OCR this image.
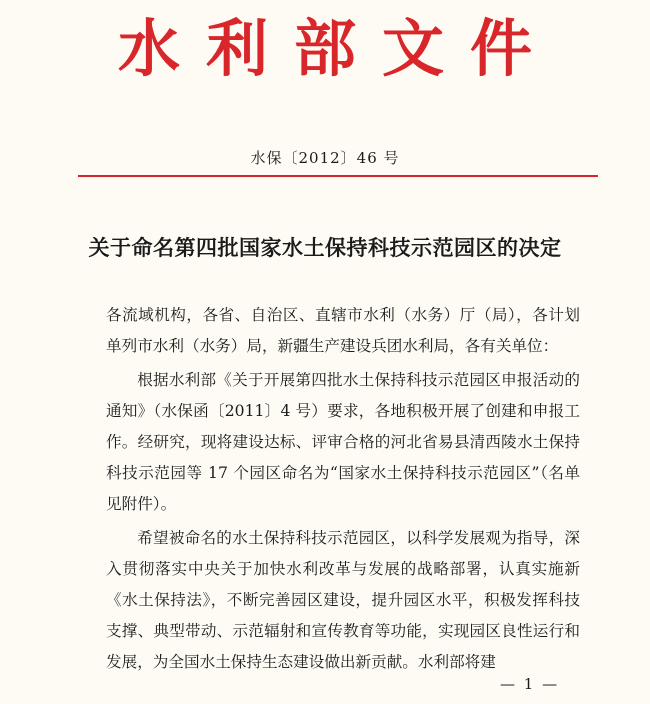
水利部文件
水保〔2012〕46 号
关于命名第四批国家水土保持科技示范园区的决定

各流域机构，各省、自治区、直辖市水利（水务）厅（局），各计划单列市水利（水务）局，新疆生产建设兵团水利局，各有关单位：

根据水利部《关于开展第四批水土保持科技示范园区申报活动的通知》（水保函〔2011〕4 号）要求，各地积极开展了创建和申报工作。经研究，现将建设达标、评审合格的河北省易县清西陵水土保持科技示范园等 17 个园区命名为“国家水土保持科技示范园区”（名单见附件）。

希望被命名的水土保持科技示范园区，以科学发展观为指导，深入贯彻落实中央关于加快水利改革与发展的战略部署，认真实施新《水土保持法》，不断完善园区建设，提升园区水平，积极发挥科技支撑、典型带动、示范辐射和宣传教育等功能，实现园区良性运行和发展，为全国水土保持生态建设做出新贡献。水利部将建

— 1 —
